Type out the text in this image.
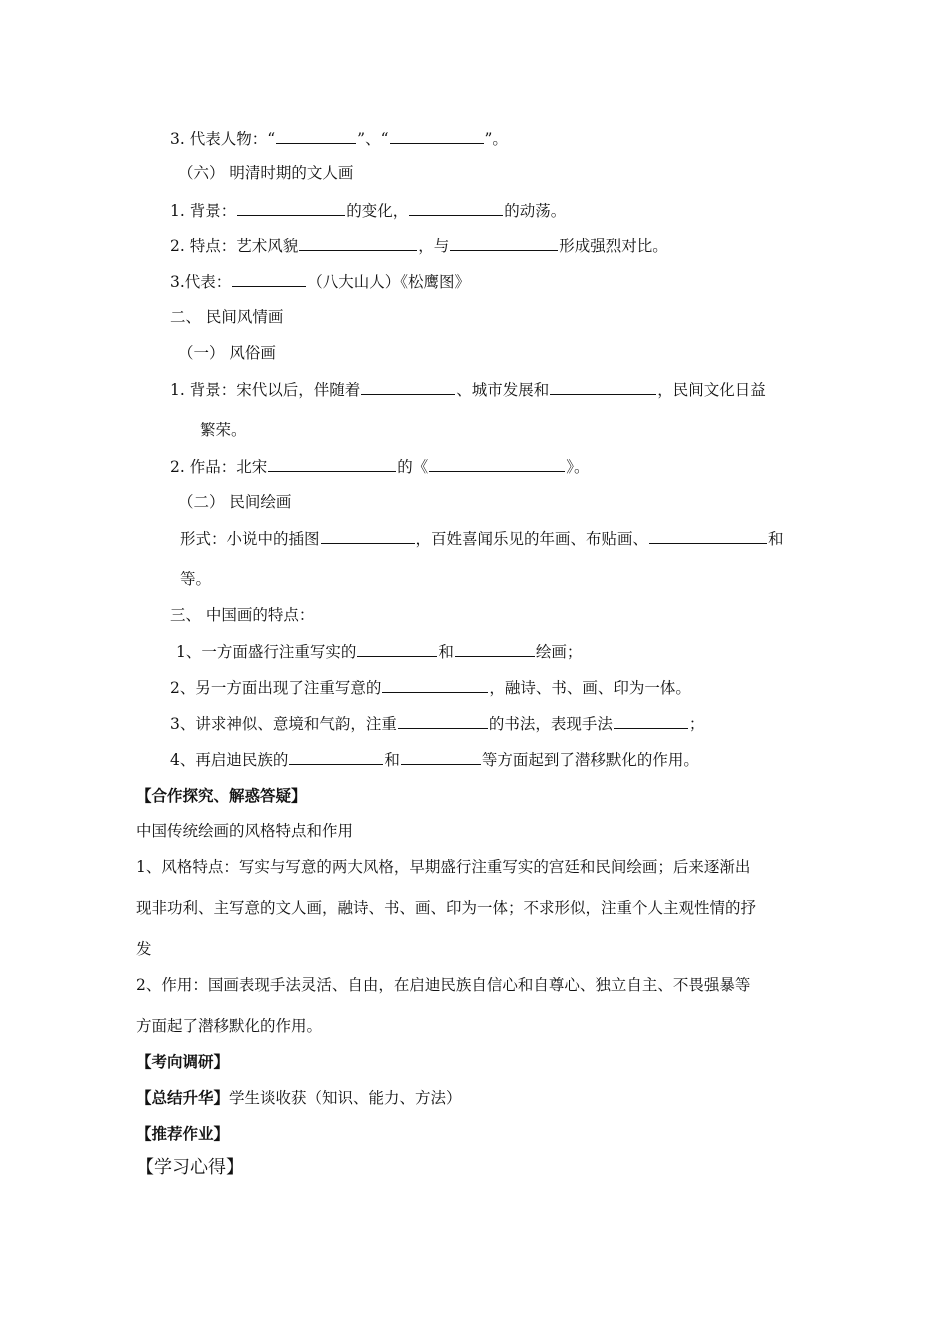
3. 代表人物：“	”、“	”。
（六） 明清时期的文人画
1. 背景：	的变化，	的动荡。
2. 特点：艺术风貌	，与	形成强烈对比。
3.代表：	（八大山人）《松鹰图》
二、 民间风情画
（一） 风俗画
1. 背景：宋代以后，伴随着	、城市发展和	，民间文化日益
繁荣。
2. 作品：北宋	的《	》。
（二） 民间绘画
形式：小说中的插图	，百姓喜闻乐见的年画、布贴画、	和
等。
三、 中国画的特点：
1、一方面盛行注重写实的	和	绘画；
2、另一方面出现了注重写意的	，融诗、书、画、印为一体。
3、讲求神似、意境和气韵，注重	的书法，表现手法	；
4、再启迪民族的	和	等方面起到了潜移默化的作用。
【合作探究、解惑答疑】
中国传统绘画的风格特点和作用
1、风格特点：写实与写意的两大风格，早期盛行注重写实的宫廷和民间绘画；后来逐渐出
现非功利、主写意的文人画，融诗、书、画、印为一体；不求形似，注重个人主观性情的抒
发
2、作用：国画表现手法灵活、自由，在启迪民族自信心和自尊心、独立自主、不畏强暴等
方面起了潜移默化的作用。
【考向调研】
【总结升华】学生谈收获（知识、能力、方法）
【推荐作业】
【学习心得】
